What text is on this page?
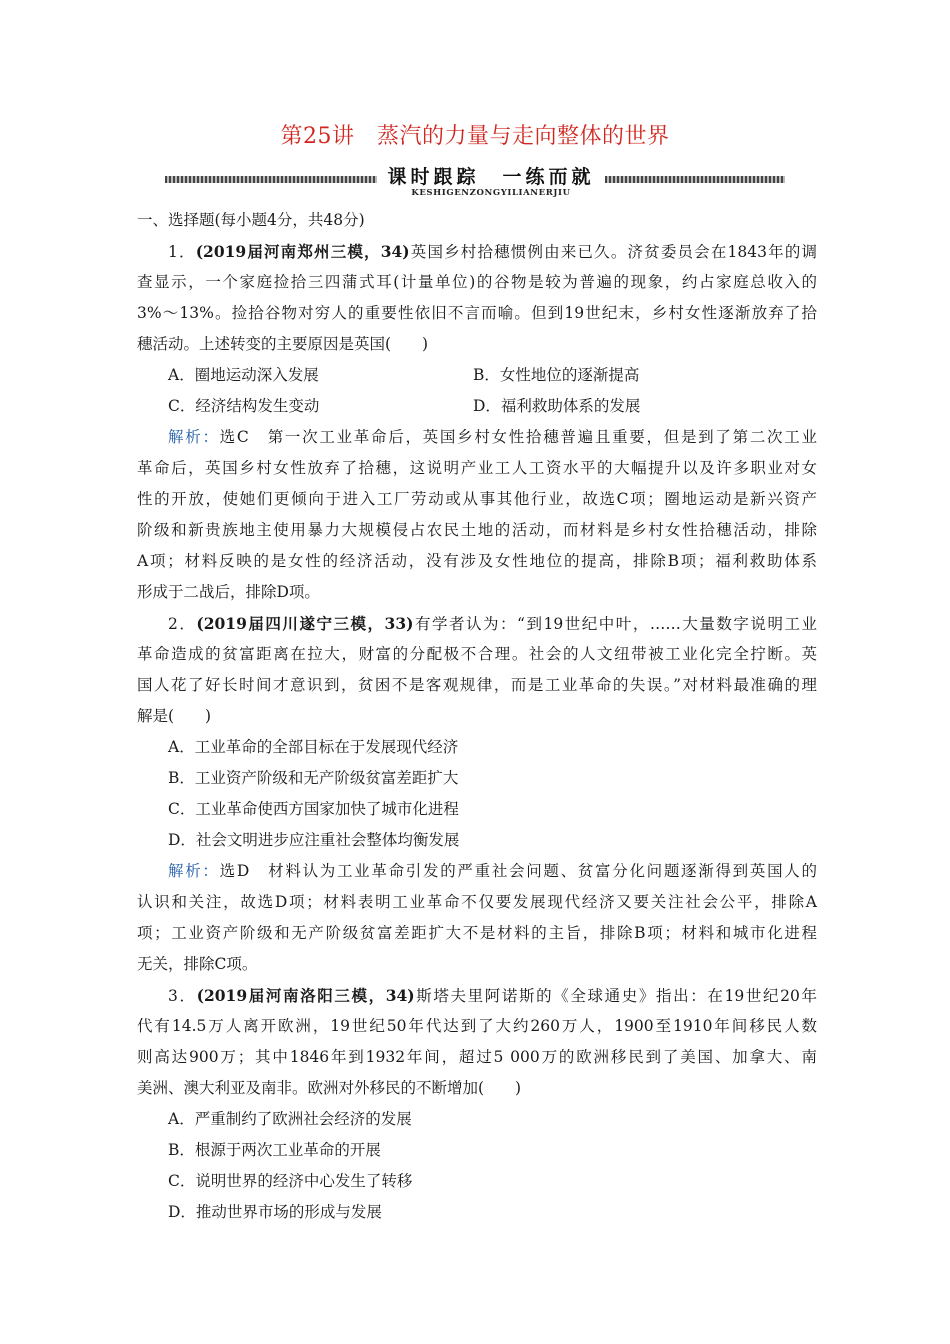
第25讲　蒸汽的力量与走向整体的世界
课时跟踪　一练而就
KESHIGENZONGYILIANERJIU
一、选择题(每小题4分，共48分)
1．(2019届河南郑州三模，34)英国乡村拾穗惯例由来已久。济贫委员会在1843年的调
查显示，一个家庭捡拾三四蒲式耳(计量单位)的谷物是较为普遍的现象，约占家庭总收入的
3%～13%。捡拾谷物对穷人的重要性依旧不言而喻。但到19世纪末，乡村女性逐渐放弃了拾
穗活动。上述转变的主要原因是英国(　　)
A．圈地运动深入发展	B．女性地位的逐渐提高
C．经济结构发生变动	D．福利救助体系的发展
解析：选C　第一次工业革命后，英国乡村女性拾穗普遍且重要，但是到了第二次工业
革命后，英国乡村女性放弃了拾穗，这说明产业工人工资水平的大幅提升以及许多职业对女
性的开放，使她们更倾向于进入工厂劳动或从事其他行业，故选C项；圈地运动是新兴资产
阶级和新贵族地主使用暴力大规模侵占农民土地的活动，而材料是乡村女性拾穗活动，排除
A项；材料反映的是女性的经济活动，没有涉及女性地位的提高，排除B项；福利救助体系
形成于二战后，排除D项。
2．(2019届四川遂宁三模，33)有学者认为：“到19世纪中叶，……大量数字说明工业
革命造成的贫富距离在拉大，财富的分配极不合理。社会的人文纽带被工业化完全拧断。英
国人花了好长时间才意识到，贫困不是客观规律，而是工业革命的失误。”对材料最准确的理
解是(　　)
A．工业革命的全部目标在于发展现代经济
B．工业资产阶级和无产阶级贫富差距扩大
C．工业革命使西方国家加快了城市化进程
D．社会文明进步应注重社会整体均衡发展
解析：选D　材料认为工业革命引发的严重社会问题、贫富分化问题逐渐得到英国人的
认识和关注，故选D项；材料表明工业革命不仅要发展现代经济又要关注社会公平，排除A
项；工业资产阶级和无产阶级贫富差距扩大不是材料的主旨，排除B项；材料和城市化进程
无关，排除C项。
3．(2019届河南洛阳三模，34)斯塔夫里阿诺斯的《全球通史》指出：在19世纪20年
代有14.5万人离开欧洲，19世纪50年代达到了大约260万人，1900至1910年间移民人数
则高达900万；其中1846年到1932年间，超过5 000万的欧洲移民到了美国、加拿大、南
美洲、澳大利亚及南非。欧洲对外移民的不断增加(　　)
A．严重制约了欧洲社会经济的发展
B．根源于两次工业革命的开展
C．说明世界的经济中心发生了转移
D．推动世界市场的形成与发展
